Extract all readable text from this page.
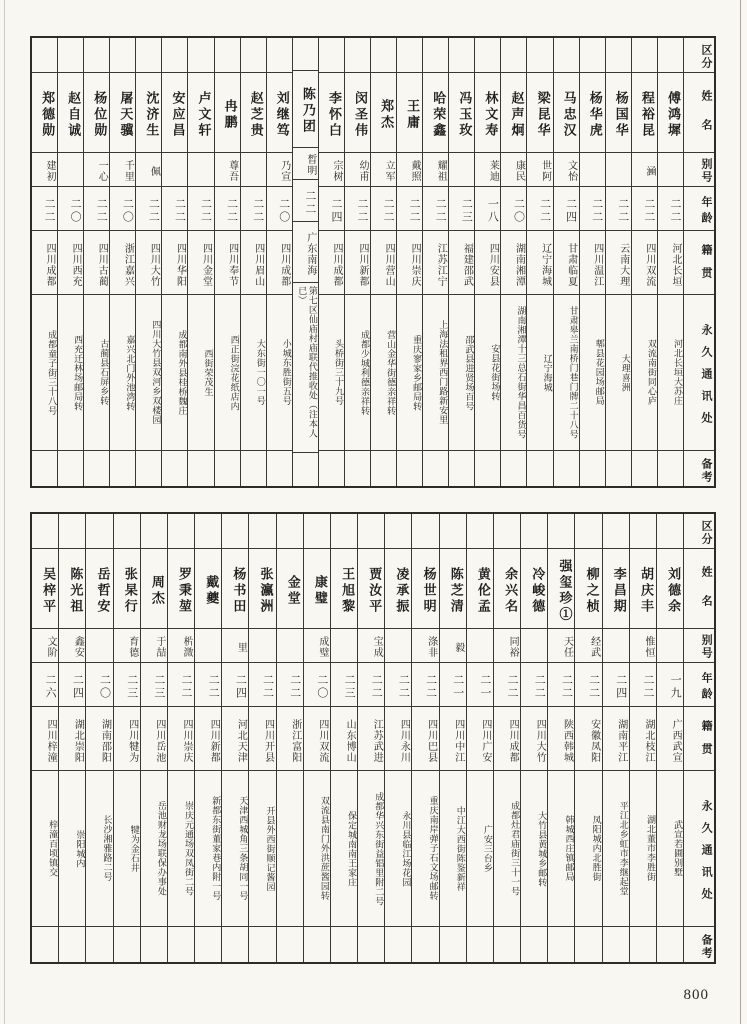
郑德勋
建初
二二
四川成都
成都童子街三十八号
赵自诚
二〇
四川西充
西充迁林场邮局转
杨位勋
一心
二二
四川古蔺
古蔺县石屏乡转
屠天骥
千里
二〇
浙江嘉兴
嘉兴北门外池湾转
沈济生
佩
二二
四川大竹
四川大竹县双河乡双楼园
安应昌
二二
四川华阳
成都南外县桂桥魏庄
卢文轩
二二
四川金堂
西街荣茂生
冉鹏
尊吾
二二
四川奉节
西正街浣花纸店内
赵芝贵
二二
四川眉山
大东街一〇一号
刘继笃
乃宣
二〇
四川成都
小城东胜街五号
陈乃团
晳明
二二
广东南海
第七区仙庙村庙联代推收处（注本人已）
李怀白
宗树
二四
四川成都
头桥街三十九号
闵圣伟
幼甫
二二
四川新都
成都少城利德亲祥转
郑杰
立军
二二
四川营山
营山金华街德亲祥转
王庸
戴照
二二
四川崇庆
重庆寥家乡邮局转
哈荣鑫
耀祖
二二
江苏江宁
上海法租界西门路新安里
冯玉玫
二三
福建邵武
邵武县进贤场百号
林文寿
莱迪
一八
四川安县
安县花街场转
赵声炯
康民
二〇
湖南湘潭
湖南湘潭十三总石街华昌百货号
梁昆华
世阿
二二
辽宁海城
辽宁海城
马忠汉
文怡
二四
甘肃临夏
甘肃皋兰南桥门巷门牌二十八号
杨华虎
二二
四川温江
郫县花园场邮局
杨国华
二二
云南大理
大理喜洲
程裕昆
㴠
二二
四川双流
双流南街同心庐
傅鸿墀
二二
河北长垣
河北长垣大苏庄
区分
姓名
别号
年龄
籍贯
永久通讯处
备考
吴梓平
文阶
二六
四川梓潼
梓潼百顷镇交
陈光祖
鑫安
二四
湖北崇阳
崇阳城内
岳哲安
二〇
湖南邵阳
长沙湘雅路二号
张杲行
育德
二三
四川犍为
犍为金石井
周杰
于喆
二三
四川岳池
岳池财龙场联保办事处
罗秉堃
㭊溦
二二
四川崇庆
崇庆元通场双凤街二号
戴夔
二二
四川新都
新都东街董家巷内附一号
杨书田
里
二四
河北天津
天津西城角三条胡同一号
张瀛洲
二二
四川开县
开县外西街顺记酱园
金堂
二二
浙江富阳
康璧
成璧
二〇
四川双流
双流县南门外洪蔗酱园转
王旭黎
二三
山东博山
保定城南南王家庄
贾汝平
宝成
二二
江苏武进
成都华兴东街益锠里附二号
凌承振
二二
四川永川
永川县临江场花园
杨世明
涤非
二二
四川巴县
重庆南岸弹子石文场邮转
陈芝清
毅
二一
四川中江
中江大西街陈鉴新祥
黄伦孟
二一
四川广安
广安三台乡
余兴名
同裕
二二
四川成都
成都灶君庙街三十一号
冷峻德
二二
四川大竹
大竹县黄城乡邮转
强玺珍①
天任
二二
陕西韩城
韩城西庄镇邮局
柳之桢
经武
二二
安徽凤阳
凤阳城内北胜街
李昌期
二四
湖南平江
平江北乡虹市李继起堂
胡庆丰
惟恒
二二
湖北枝江
湖北董市李胜街
刘德余
一九
广西武宣
武宣若圃别墅
区分
姓名
别号
年龄
籍贯
永久通讯处
备考
800
